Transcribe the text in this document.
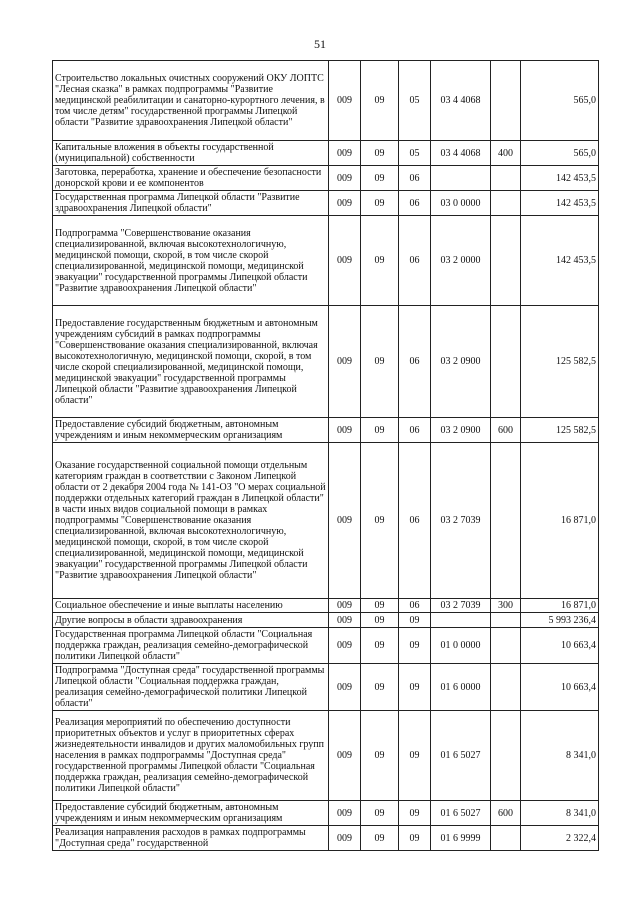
51
Строительство локальных очистных сооружений ОКУ ЛОПТС "Лесная сказка" в рамках подпрограммы "Развитие медицинской реабилитации и санаторно-курортного лечения, в том числе детям" государственной программы Липецкой области "Развитие здравоохранения Липецкой области"	009	09	05	03 4 4068		565,0
Капитальные вложения в объекты государственной (муниципальной) собственности	009	09	05	03 4 4068	400	565,0
Заготовка, переработка, хранение и обеспечение безопасности донорской крови и ее компонентов	009	09	06			142 453,5
Государственная программа Липецкой области "Развитие здравоохранения Липецкой области"	009	09	06	03 0 0000		142 453,5
Подпрограмма "Совершенствование оказания специализированной, включая высокотехнологичную, медицинской помощи, скорой, в том числе скорой специализированной, медицинской помощи, медицинской эвакуации" государственной программы Липецкой области "Развитие здравоохранения Липецкой области"	009	09	06	03 2 0000		142 453,5
Предоставление государственным бюджетным и автономным учреждениям субсидий в рамках подпрограммы "Совершенствование оказания специализированной, включая высокотехнологичную, медицинской помощи, скорой, в том числе скорой специализированной, медицинской помощи, медицинской эвакуации" государственной программы Липецкой области "Развитие здравоохранения Липецкой области"	009	09	06	03 2 0900		125 582,5
Предоставление субсидий бюджетным, автономным учреждениям и иным некоммерческим организациям	009	09	06	03 2 0900	600	125 582,5
Оказание государственной социальной помощи отдельным категориям граждан в соответствии с Законом Липецкой области от 2 декабря 2004 года № 141-ОЗ "О мерах социальной поддержки отдельных категорий граждан в Липецкой области" в части иных видов социальной помощи в рамках подпрограммы "Совершенствование оказания специализированной, включая высокотехнологичную, медицинской помощи, скорой, в том числе скорой специализированной, медицинской помощи, медицинской эвакуации" государственной программы Липецкой области "Развитие здравоохранения Липецкой области"	009	09	06	03 2 7039		16 871,0
Социальное обеспечение и иные выплаты населению	009	09	06	03 2 7039	300	16 871,0
Другие вопросы в области здравоохранения	009	09	09			5 993 236,4
Государственная программа Липецкой области "Социальная поддержка граждан, реализация семейно-демографической политики Липецкой области"	009	09	09	01 0 0000		10 663,4
Подпрограмма "Доступная среда" государственной программы Липецкой области "Социальная поддержка граждан, реализация семейно-демографической политики Липецкой области"	009	09	09	01 6 0000		10 663,4
Реализация мероприятий по обеспечению доступности приоритетных объектов и услуг в приоритетных сферах жизнедеятельности инвалидов и других маломобильных групп населения в рамках подпрограммы "Доступная среда" государственной программы Липецкой области "Социальная поддержка граждан, реализация семейно-демографической политики Липецкой области"	009	09	09	01 6 5027		8 341,0
Предоставление субсидий бюджетным, автономным учреждениям и иным некоммерческим организациям	009	09	09	01 6 5027	600	8 341,0
Реализация направления расходов в рамках подпрограммы "Доступная среда" государственной	009	09	09	01 6 9999		2 322,4
